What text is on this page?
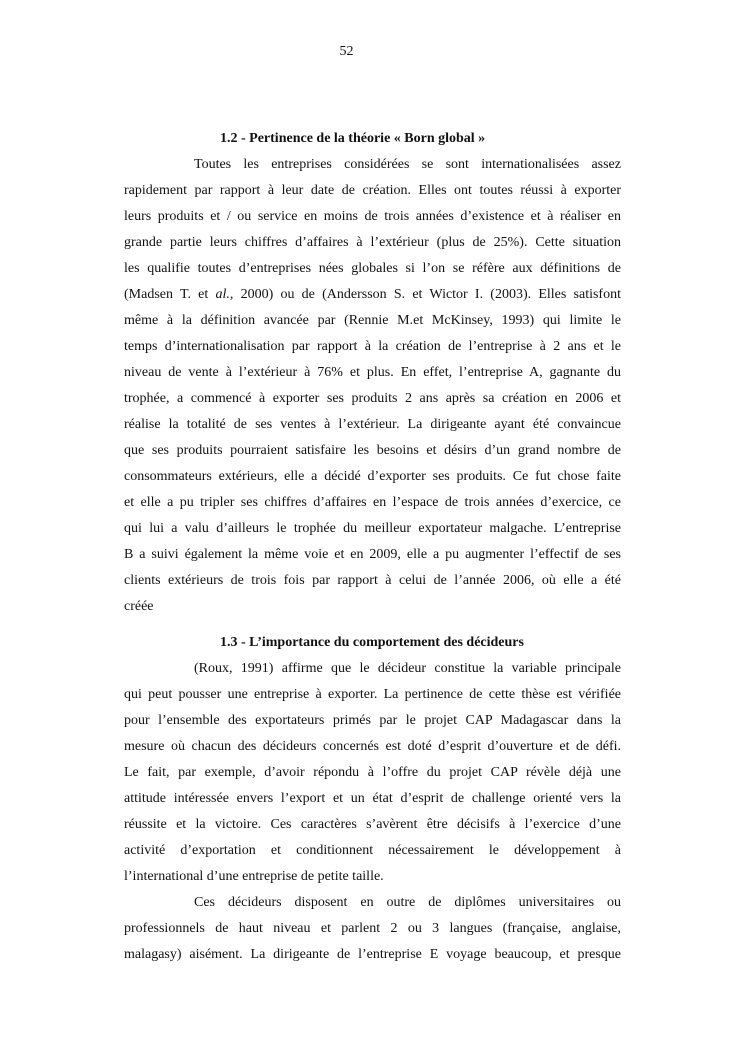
52
1.2 - Pertinence de la théorie « Born global »
Toutes les entreprises considérées se sont internationalisées assez
rapidement par rapport à leur date de création. Elles ont toutes réussi à exporter
leurs produits et / ou service en moins de trois années d’existence et à réaliser en
grande partie leurs chiffres d’affaires à l’extérieur (plus de 25%). Cette situation
les qualifie toutes d’entreprises nées globales si l’on se réfère aux définitions de
(Madsen T. et al., 2000) ou de (Andersson S. et Wictor I. (2003). Elles satisfont
même à la définition avancée par (Rennie M.et McKinsey, 1993) qui limite le
temps d’internationalisation par rapport à la création de l’entreprise à 2 ans et le
niveau de vente à l’extérieur à 76% et plus. En effet, l’entreprise A, gagnante du
trophée, a commencé à exporter ses produits 2 ans après sa création en 2006 et
réalise la totalité de ses ventes à l’extérieur. La dirigeante ayant été convaincue
que ses produits pourraient satisfaire les besoins et désirs d’un grand nombre de
consommateurs extérieurs, elle a décidé d’exporter ses produits. Ce fut chose faite
et elle a pu tripler ses chiffres d’affaires en l’espace de trois années d’exercice, ce
qui lui a valu d’ailleurs le trophée du meilleur exportateur malgache. L’entreprise
B a suivi également la même voie et en 2009, elle a pu augmenter l’effectif de ses
clients extérieurs de trois fois par rapport à celui de l’année 2006, où elle a été
créée
1.3 - L’importance du comportement des décideurs
(Roux, 1991) affirme que le décideur constitue la variable principale
qui peut pousser une entreprise à exporter. La pertinence de cette thèse est vérifiée
pour l’ensemble des exportateurs primés par le projet CAP Madagascar dans la
mesure où chacun des décideurs concernés est doté d’esprit d’ouverture et de défi.
Le fait, par exemple, d’avoir répondu à l’offre du projet CAP révèle déjà une
attitude intéressée envers l’export et un état d’esprit de challenge orienté vers la
réussite et la victoire. Ces caractères s’avèrent être décisifs à l’exercice d’une
activité d’exportation et conditionnent nécessairement le développement à
l’international d’une entreprise de petite taille.
Ces décideurs disposent en outre de diplômes universitaires ou
professionnels de haut niveau et parlent 2 ou 3 langues (française, anglaise,
malagasy) aisément. La dirigeante de l’entreprise E voyage beaucoup, et presque
